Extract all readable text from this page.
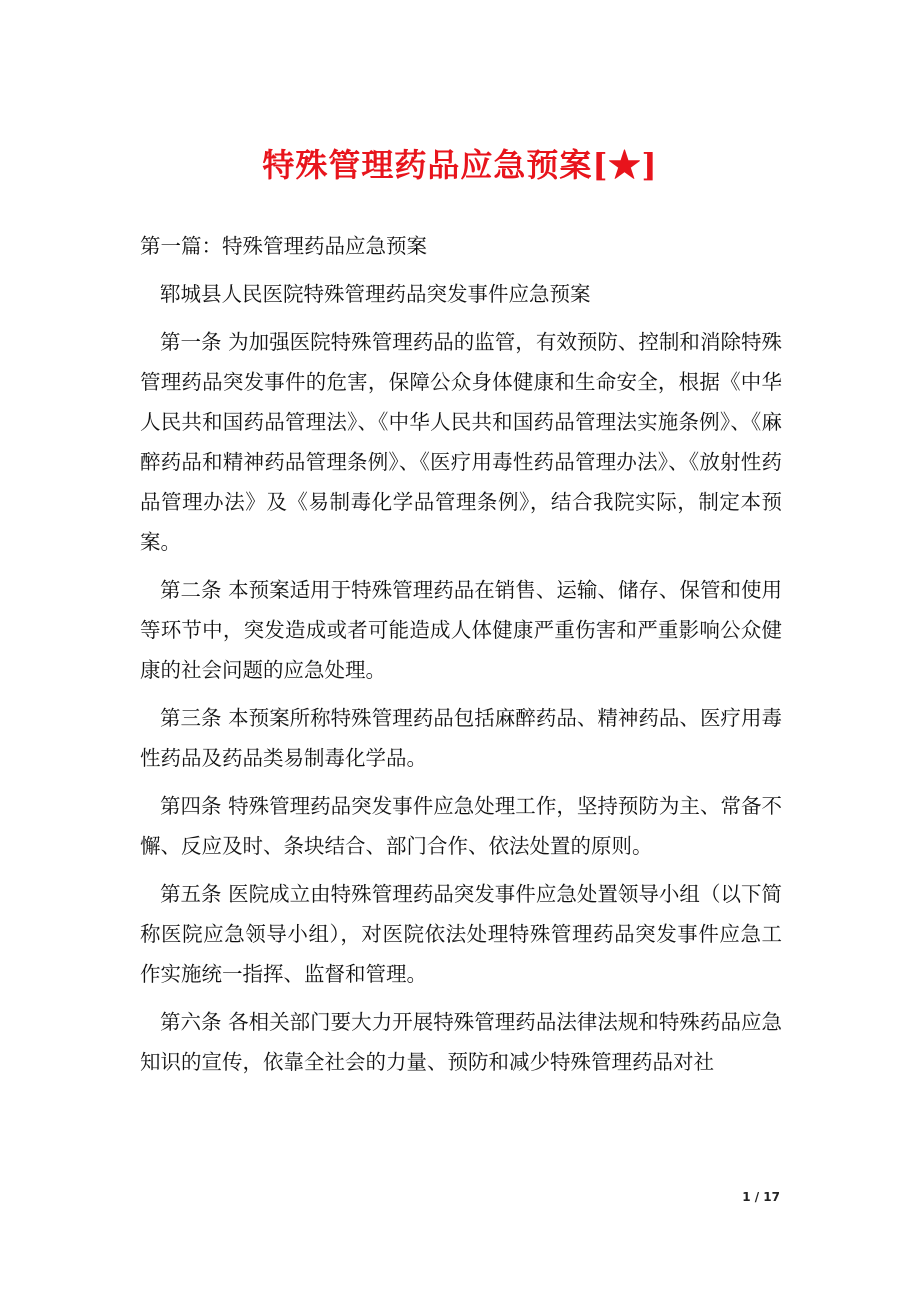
特殊管理药品应急预案[★]

第一篇：特殊管理药品应急预案

郓城县人民医院特殊管理药品突发事件应急预案

第一条 为加强医院特殊管理药品的监管，有效预防、控制和消除特殊管理药品突发事件的危害，保障公众身体健康和生命安全，根据《中华人民共和国药品管理法》、《中华人民共和国药品管理法实施条例》、《麻醉药品和精神药品管理条例》、《医疗用毒性药品管理办法》、《放射性药品管理办法》及《易制毒化学品管理条例》，结合我院实际，制定本预案。

第二条 本预案适用于特殊管理药品在销售、运输、储存、保管和使用等环节中，突发造成或者可能造成人体健康严重伤害和严重影响公众健康的社会问题的应急处理。

第三条 本预案所称特殊管理药品包括麻醉药品、精神药品、医疗用毒性药品及药品类易制毒化学品。

第四条 特殊管理药品突发事件应急处理工作，坚持预防为主、常备不懈、反应及时、条块结合、部门合作、依法处置的原则。

第五条 医院成立由特殊管理药品突发事件应急处置领导小组（以下简称医院应急领导小组），对医院依法处理特殊管理药品突发事件应急工作实施统一指挥、监督和管理。

第六条 各相关部门要大力开展特殊管理药品法律法规和特殊药品应急知识的宣传，依靠全社会的力量、预防和减少特殊管理药品对社

1 / 17
